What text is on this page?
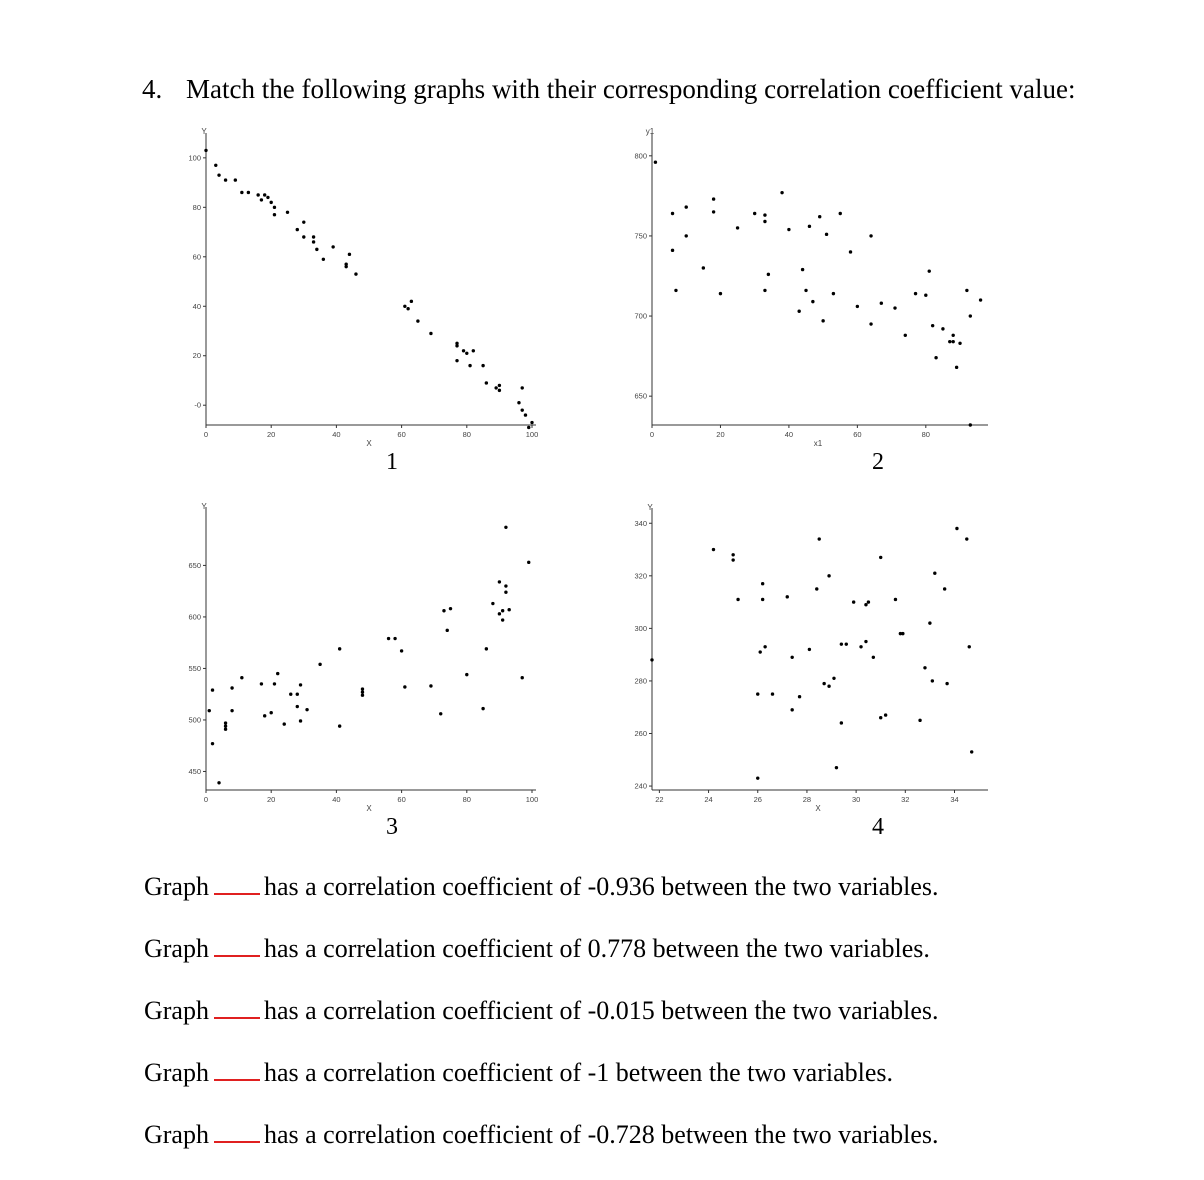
4. Match the following graphs with their corresponding correlation coefficient value:
0	20	40	60	80	100
-0
20
40
60
80
100
X
Y
1
0	20	40	60	80
650
700
750
800
x1
y1
2
0	20	40	60	80	100
450
500
550
600
650
X
Y
3
22	24	26	28	30	32	34
240
260
280
300
320
340
X
Y
4
Graph has a correlation coefficient of -0.936 between the two variables.
Graph has a correlation coefficient of 0.778 between the two variables.
Graph has a correlation coefficient of -0.015 between the two variables.
Graph has a correlation coefficient of -1 between the two variables.
Graph has a correlation coefficient of -0.728 between the two variables.
